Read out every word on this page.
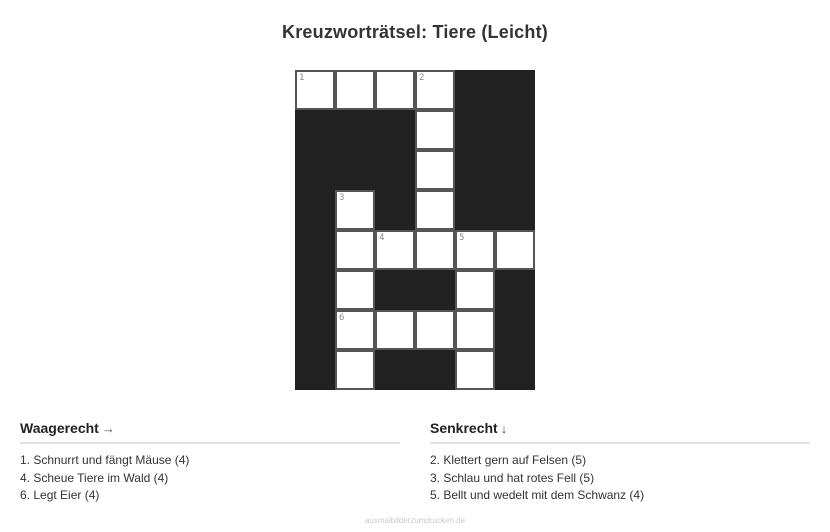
Kreuzworträtsel: Tiere (Leicht)
1	2
3
4	5
6
Waagerecht →
1. Schnurrt und fängt Mäuse (4)
4. Scheue Tiere im Wald (4)
6. Legt Eier (4)
Senkrecht ↓
2. Klettert gern auf Felsen (5)
3. Schlau und hat rotes Fell (5)
5. Bellt und wedelt mit dem Schwanz (4)
ausmalbilderzumdrucken.de
